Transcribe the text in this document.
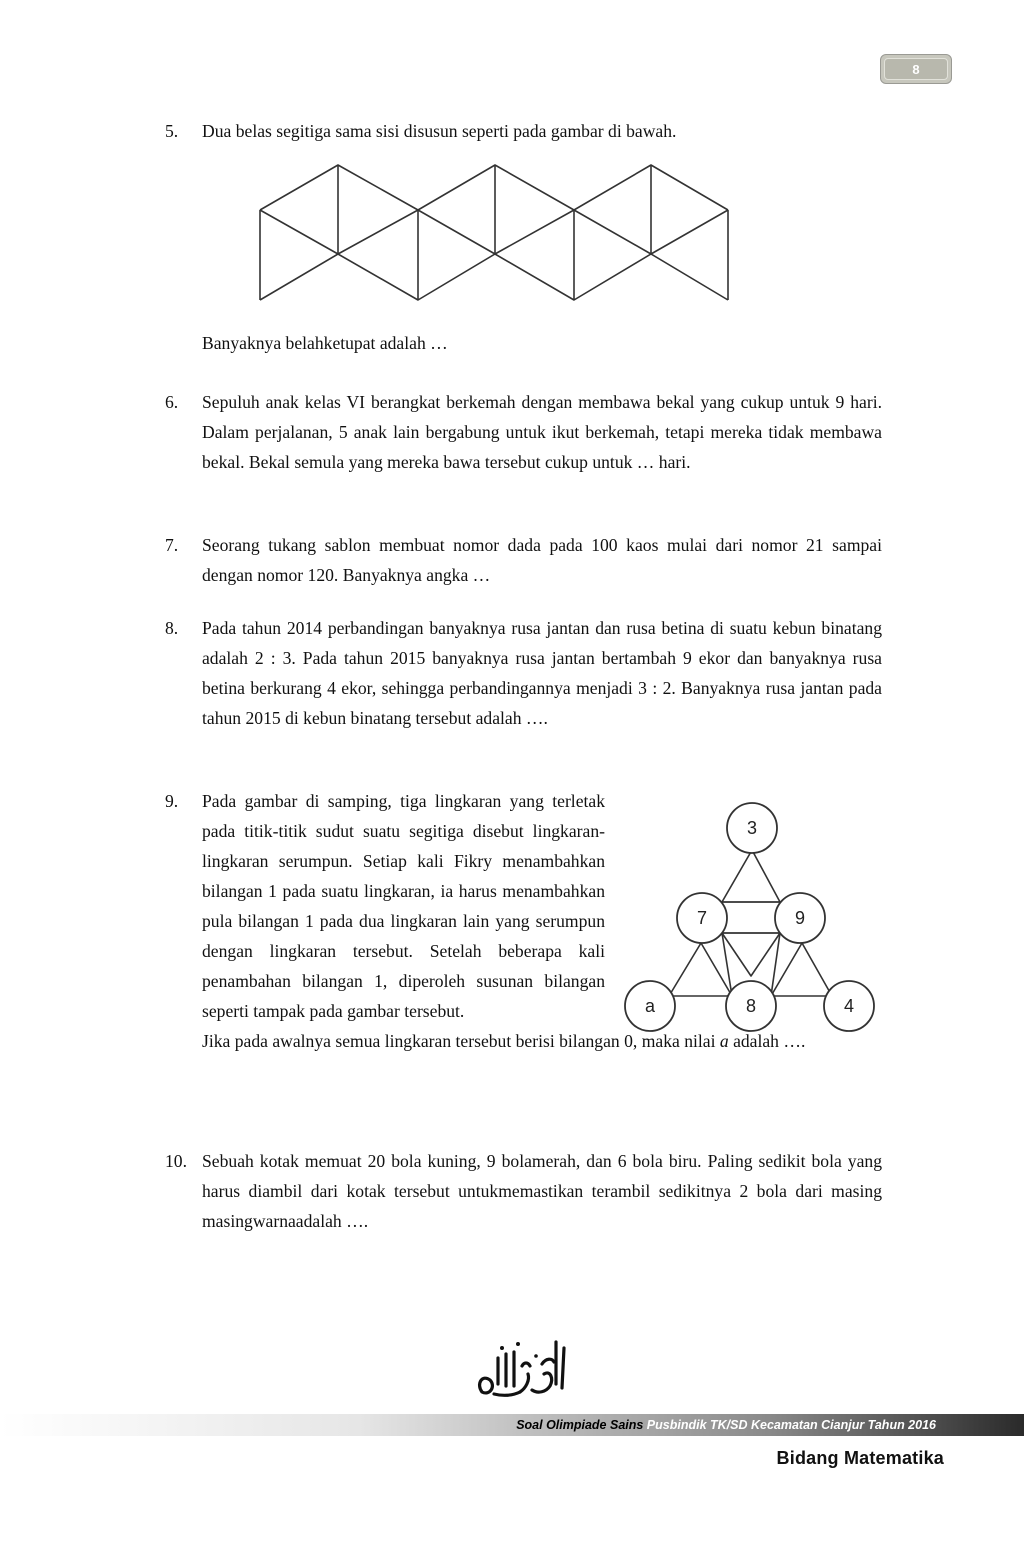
8
5. Dua belas segitiga sama sisi disusun seperti pada gambar di bawah.

Banyaknya belahketupat adalah …
6. Sepuluh anak kelas VI berangkat berkemah dengan membawa bekal yang cukup untuk 9 hari. Dalam perjalanan, 5 anak lain bergabung untuk ikut berkemah, tetapi mereka tidak membawa bekal. Bekal semula yang mereka bawa tersebut cukup untuk … hari.

7. Seorang tukang sablon membuat nomor dada pada 100 kaos mulai dari nomor 21 sampai dengan nomor 120. Banyaknya angka …

8. Pada tahun 2014 perbandingan banyaknya rusa jantan dan rusa betina di suatu kebun binatang adalah 2 : 3. Pada tahun 2015 banyaknya rusa jantan bertambah 9 ekor dan banyaknya rusa betina berkurang 4 ekor, sehingga perbandingannya menjadi 3 : 2. Banyaknya rusa jantan pada tahun 2015 di kebun binatang tersebut adalah ….

9. Pada gambar di samping, tiga lingkaran yang terletak pada titik-titik sudut suatu segitiga disebut lingkaran-lingkaran serumpun. Setiap kali Fikry menambahkan bilangan 1 pada suatu lingkaran, ia harus menambahkan pula bilangan 1 pada dua lingkaran lain yang serumpun dengan lingkaran tersebut. Setelah beberapa kali penambahan bilangan 1, diperoleh susunan bilangan seperti tampak pada gambar tersebut.
Jika pada awalnya semua lingkaran tersebut berisi bilangan 0, maka nilai a adalah ….
3
7	9
a	8	4
10. Sebuah kotak memuat 20 bola kuning, 9 bolamerah, dan 6 bola biru. Paling sedikit bola yang harus diambil dari kotak tersebut untukmemastikan terambil sedikitnya 2 bola dari masing masingwarnaadalah ….

Soal Olimpiade Sains Pusbindik TK/SD Kecamatan Cianjur Tahun 2016
Bidang Matematika
